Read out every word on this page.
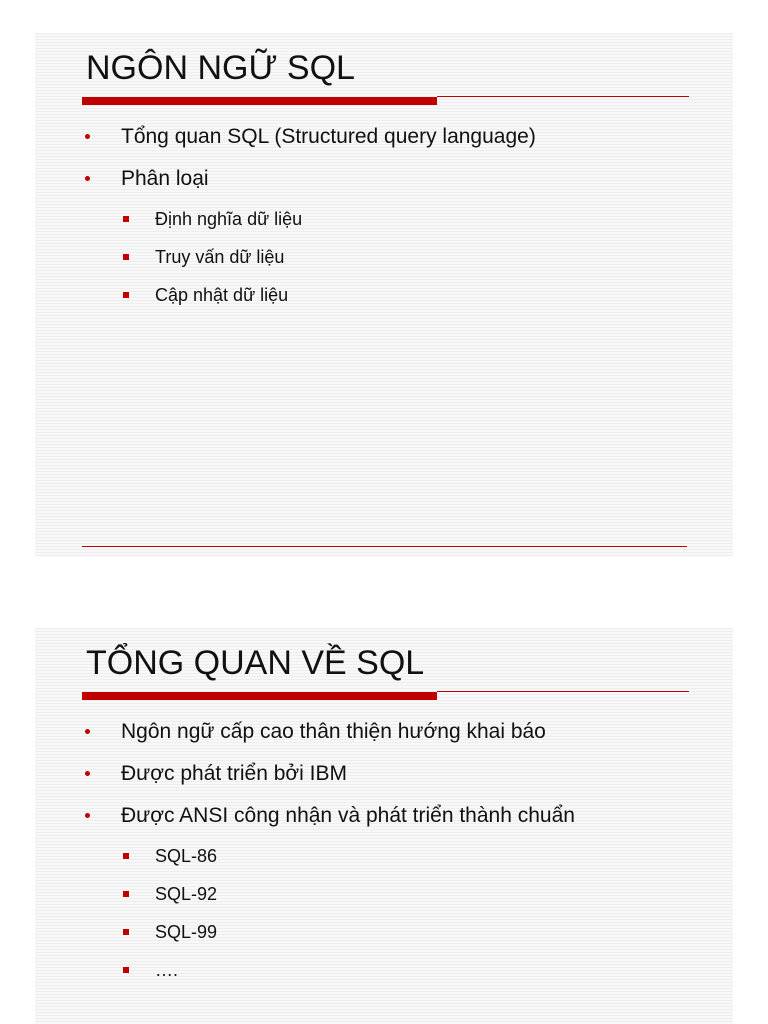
NGÔN NGỮ SQL
Tổng quan SQL (Structured query language)
Phân loại
Định nghĩa dữ liệu
Truy vấn dữ liệu
Cập nhật dữ liệu
TỔNG QUAN VỀ SQL
Ngôn ngữ cấp cao thân thiện hướng khai báo
Được phát triển bởi IBM
Được ANSI công nhận và phát triển thành chuẩn
SQL-86
SQL-92
SQL-99
….
